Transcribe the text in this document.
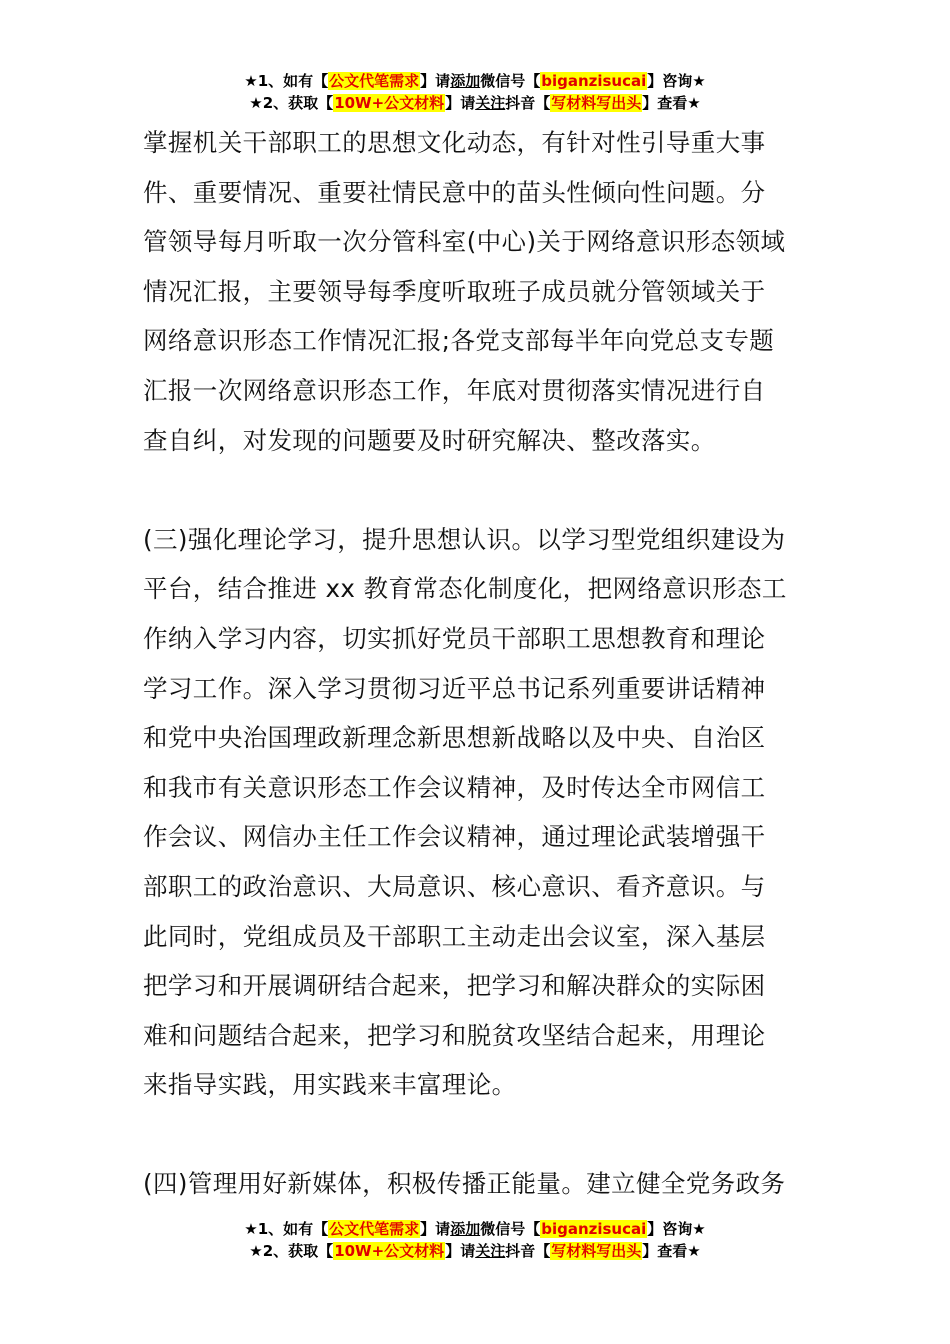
★1、如有【公文代笔需求】请添加微信号【biganzisucai】咨询★
★2、获取【10W+公文材料】请关注抖音【写材料写出头】查看★

掌握机关干部职工的思想文化动态，有针对性引导重大事
件、重要情况、重要社情民意中的苗头性倾向性问题。分
管领导每月听取一次分管科室(中心)关于网络意识形态领域
情况汇报，主要领导每季度听取班子成员就分管领域关于
网络意识形态工作情况汇报;各党支部每半年向党总支专题
汇报一次网络意识形态工作，年底对贯彻落实情况进行自
查自纠，对发现的问题要及时研究解决、整改落实。

(三)强化理论学习，提升思想认识。以学习型党组织建设为
平台，结合推进 xx 教育常态化制度化，把网络意识形态工
作纳入学习内容，切实抓好党员干部职工思想教育和理论
学习工作。深入学习贯彻习近平总书记系列重要讲话精神
和党中央治国理政新理念新思想新战略以及中央、自治区
和我市有关意识形态工作会议精神，及时传达全市网信工
作会议、网信办主任工作会议精神，通过理论武装增强干
部职工的政治意识、大局意识、核心意识、看齐意识。与
此同时，党组成员及干部职工主动走出会议室，深入基层
把学习和开展调研结合起来，把学习和解决群众的实际困
难和问题结合起来，把学习和脱贫攻坚结合起来，用理论
来指导实践，用实践来丰富理论。

(四)管理用好新媒体，积极传播正能量。建立健全党务政务

★1、如有【公文代笔需求】请添加微信号【biganzisucai】咨询★
★2、获取【10W+公文材料】请关注抖音【写材料写出头】查看★
